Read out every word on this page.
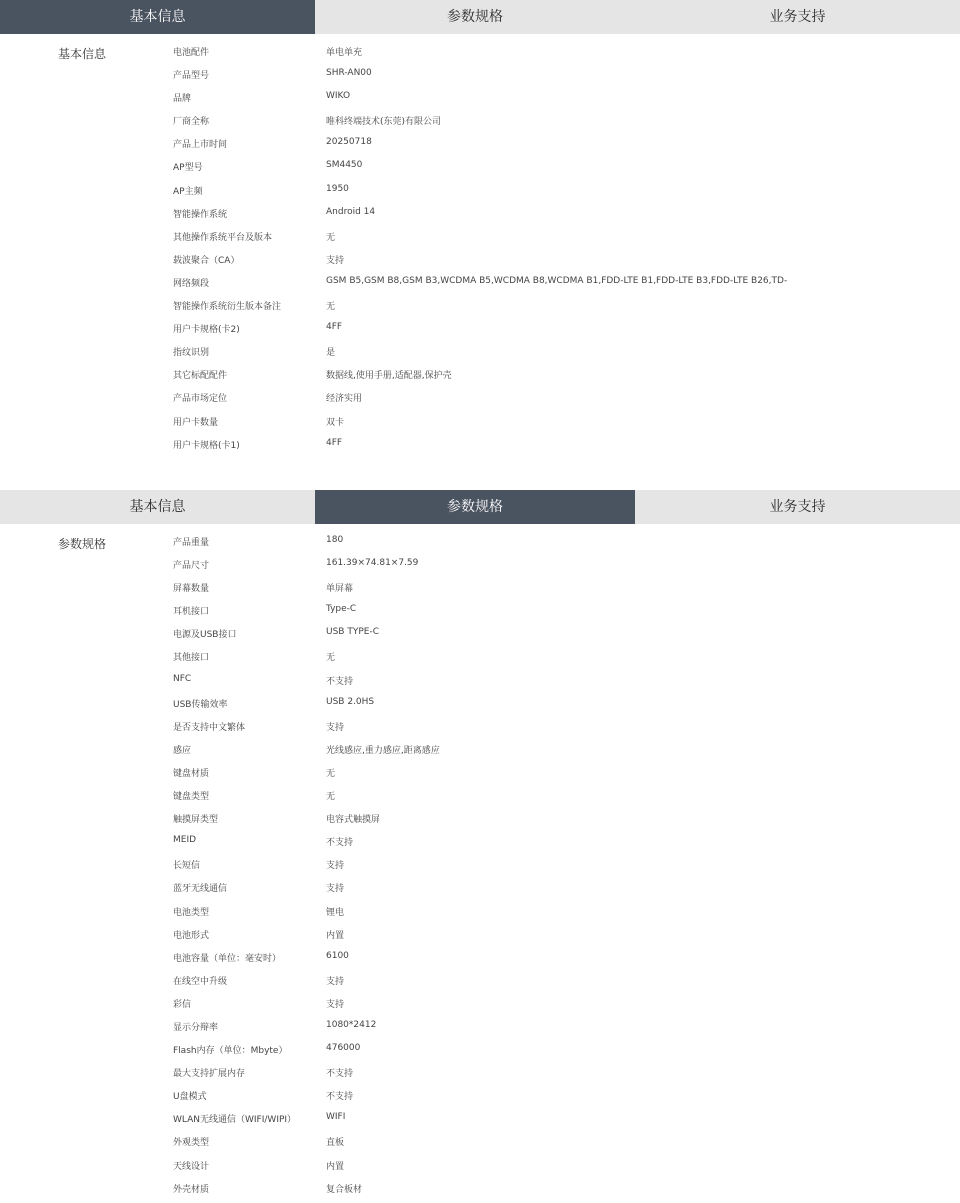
基本信息	参数规格	业务支持
基本信息	电池配件	单电单充
产品型号	SHR-AN00
品牌	WIKO
厂商全称	唯科终端技术(东莞)有限公司
产品上市时间	20250718
AP型号	SM4450
AP主频	1950
智能操作系统	Android 14
其他操作系统平台及版本	无
载波聚合（CA）	支持
网络频段	GSM B5,GSM B8,GSM B3,WCDMA B5,WCDMA B8,WCDMA B1,FDD-LTE B1,FDD-LTE B3,FDD-LTE B26,TD-
智能操作系统衍生版本备注	无
用户卡规格(卡2)	4FF
指纹识别	是
其它标配配件	数据线,使用手册,适配器,保护壳
产品市场定位	经济实用
用户卡数量	双卡
用户卡规格(卡1)	4FF
基本信息	参数规格	业务支持
参数规格	产品重量	180
产品尺寸	161.39×74.81×7.59
屏幕数量	单屏幕
耳机接口	Type-C
电源及USB接口	USB TYPE-C
其他接口	无
NFC	不支持
USB传输效率	USB 2.0HS
是否支持中文繁体	支持
感应	光线感应,重力感应,距离感应
键盘材质	无
键盘类型	无
触摸屏类型	电容式触摸屏
MEID	不支持
长短信	支持
蓝牙无线通信	支持
电池类型	锂电
电池形式	内置
电池容量（单位：毫安时）	6100
在线空中升级	支持
彩信	支持
显示分辩率	1080*2412
Flash内存（单位：Mbyte）	476000
最大支持扩展内存	不支持
U盘模式	不支持
WLAN无线通信（WIFI/WIPI）	WIFI
外观类型	直板
天线设计	内置
外壳材质	复合板材
